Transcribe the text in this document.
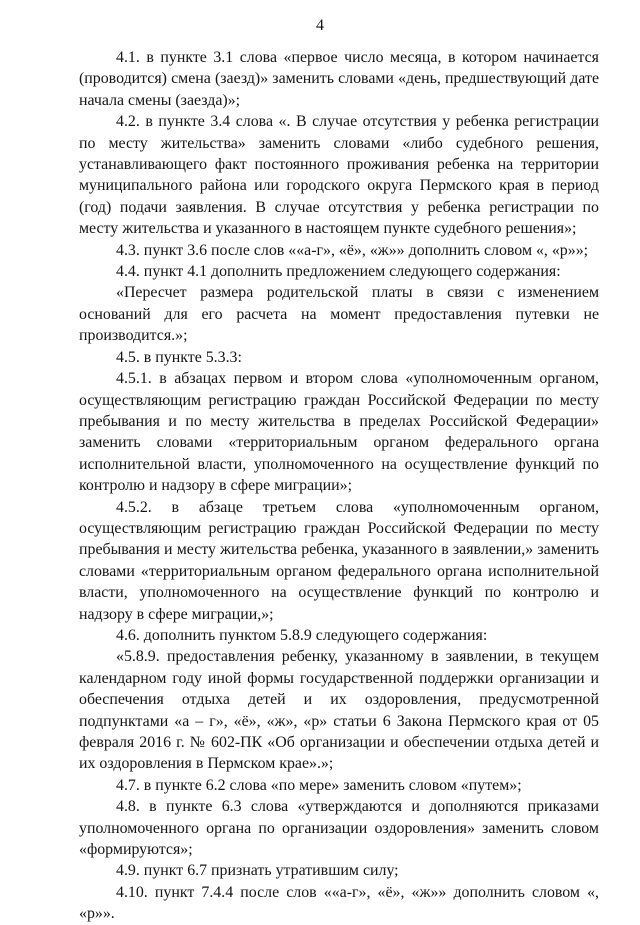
4

4.1. в пункте 3.1 слова «первое число месяца, в котором начинается (проводится) смена (заезд)» заменить словами «день, предшествующий дате начала смены (заезда)»;

4.2. в пункте 3.4 слова «. В случае отсутствия у ребенка регистрации по месту жительства» заменить словами «либо судебного решения, устанавливающего факт постоянного проживания ребенка на территории муниципального района или городского округа Пермского края в период (год) подачи заявления. В случае отсутствия у ребенка регистрации по месту жительства и указанного в настоящем пункте судебного решения»;

4.3. пункт 3.6 после слов ««а-г», «ё», «ж»» дополнить словом «, «р»»;

4.4. пункт 4.1 дополнить предложением следующего содержания:

«Пересчет размера родительской платы в связи с изменением оснований для его расчета на момент предоставления путевки не производится.»;

4.5. в пункте 5.3.3:

4.5.1. в абзацах первом и втором слова «уполномоченным органом, осуществляющим регистрацию граждан Российской Федерации по месту пребывания и по месту жительства в пределах Российской Федерации» заменить словами «территориальным органом федерального органа исполнительной власти, уполномоченного на осуществление функций по контролю и надзору в сфере миграции»;

4.5.2. в абзаце третьем слова «уполномоченным органом, осуществляющим регистрацию граждан Российской Федерации по месту пребывания и месту жительства ребенка, указанного в заявлении,» заменить словами «территориальным органом федерального органа исполнительной власти, уполномоченного на осуществление функций по контролю и надзору в сфере миграции,»;

4.6. дополнить пунктом 5.8.9 следующего содержания:

«5.8.9. предоставления ребенку, указанному в заявлении, в текущем календарном году иной формы государственной поддержки организации и обеспечения отдыха детей и их оздоровления, предусмотренной подпунктами «а – г», «ё», «ж», «р» статьи 6 Закона Пермского края от 05 февраля 2016 г. № 602-ПК «Об организации и обеспечении отдыха детей и их оздоровления в Пермском крае».»;

4.7. в пункте 6.2 слова «по мере» заменить словом «путем»;

4.8. в пункте 6.3 слова «утверждаются и дополняются приказами уполномоченного органа по организации оздоровления» заменить словом «формируются»;

4.9. пункт 6.7 признать утратившим силу;

4.10. пункт 7.4.4 после слов ««а-г», «ё», «ж»» дополнить словом «, «р»».
